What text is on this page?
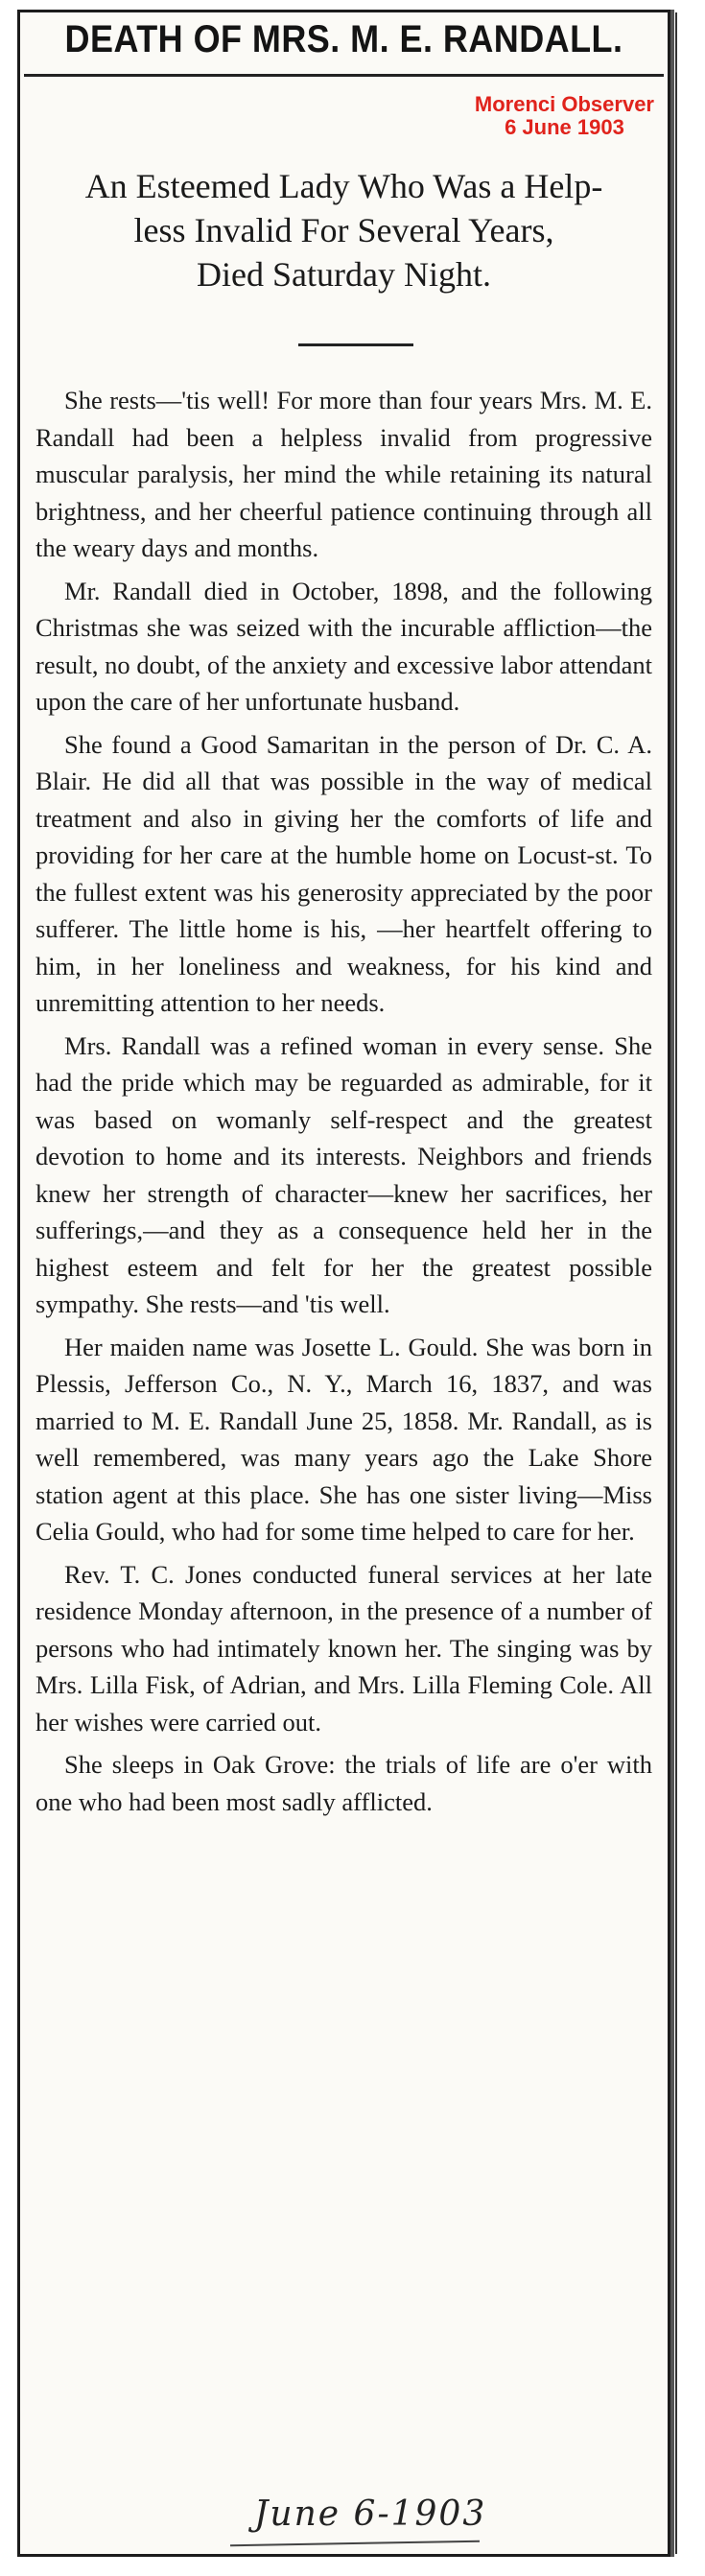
DEATH OF MRS. M. E. RANDALL.
Morenci Observer
6 June 1903
An Esteemed Lady Who Was a Help-
less Invalid For Several Years,
Died Saturday Night.

She rests—'tis well! For more than four years Mrs. M. E. Randall had been a helpless invalid from progressive muscular paralysis, her mind the while retaining its natural brightness, and her cheerful patience continuing through all the weary days and months.

Mr. Randall died in October, 1898, and the following Christmas she was seized with the incurable affliction—the result, no doubt, of the anxiety and excessive labor attendant upon the care of her unfortunate husband.

She found a Good Samaritan in the person of Dr. C. A. Blair. He did all that was possible in the way of medical treatment and also in giving her the comforts of life and providing for her care at the humble home on Locust-st. To the fullest extent was his generosity appreciated by the poor sufferer. The little home is his, —her heartfelt offering to him, in her loneliness and weakness, for his kind and unremitting attention to her needs.

Mrs. Randall was a refined woman in every sense. She had the pride which may be reguarded as admirable, for it was based on womanly self-respect and the greatest devotion to home and its interests. Neighbors and friends knew her strength of character—knew her sacrifices, her sufferings,—and they as a consequence held her in the highest esteem and felt for her the greatest possible sympathy. She rests—and 'tis well.

Her maiden name was Josette L. Gould. She was born in Plessis, Jefferson Co., N. Y., March 16, 1837, and was married to M. E. Randall June 25, 1858. Mr. Randall, as is well remembered, was many years ago the Lake Shore station agent at this place. She has one sister living—Miss Celia Gould, who had for some time helped to care for her.

Rev. T. C. Jones conducted funeral services at her late residence Monday afternoon, in the presence of a number of persons who had intimately known her. The singing was by Mrs. Lilla Fisk, of Adrian, and Mrs. Lilla Fleming Cole. All her wishes were carried out.

She sleeps in Oak Grove: the trials of life are o'er with one who had been most sadly afflicted.

June 6-1903
